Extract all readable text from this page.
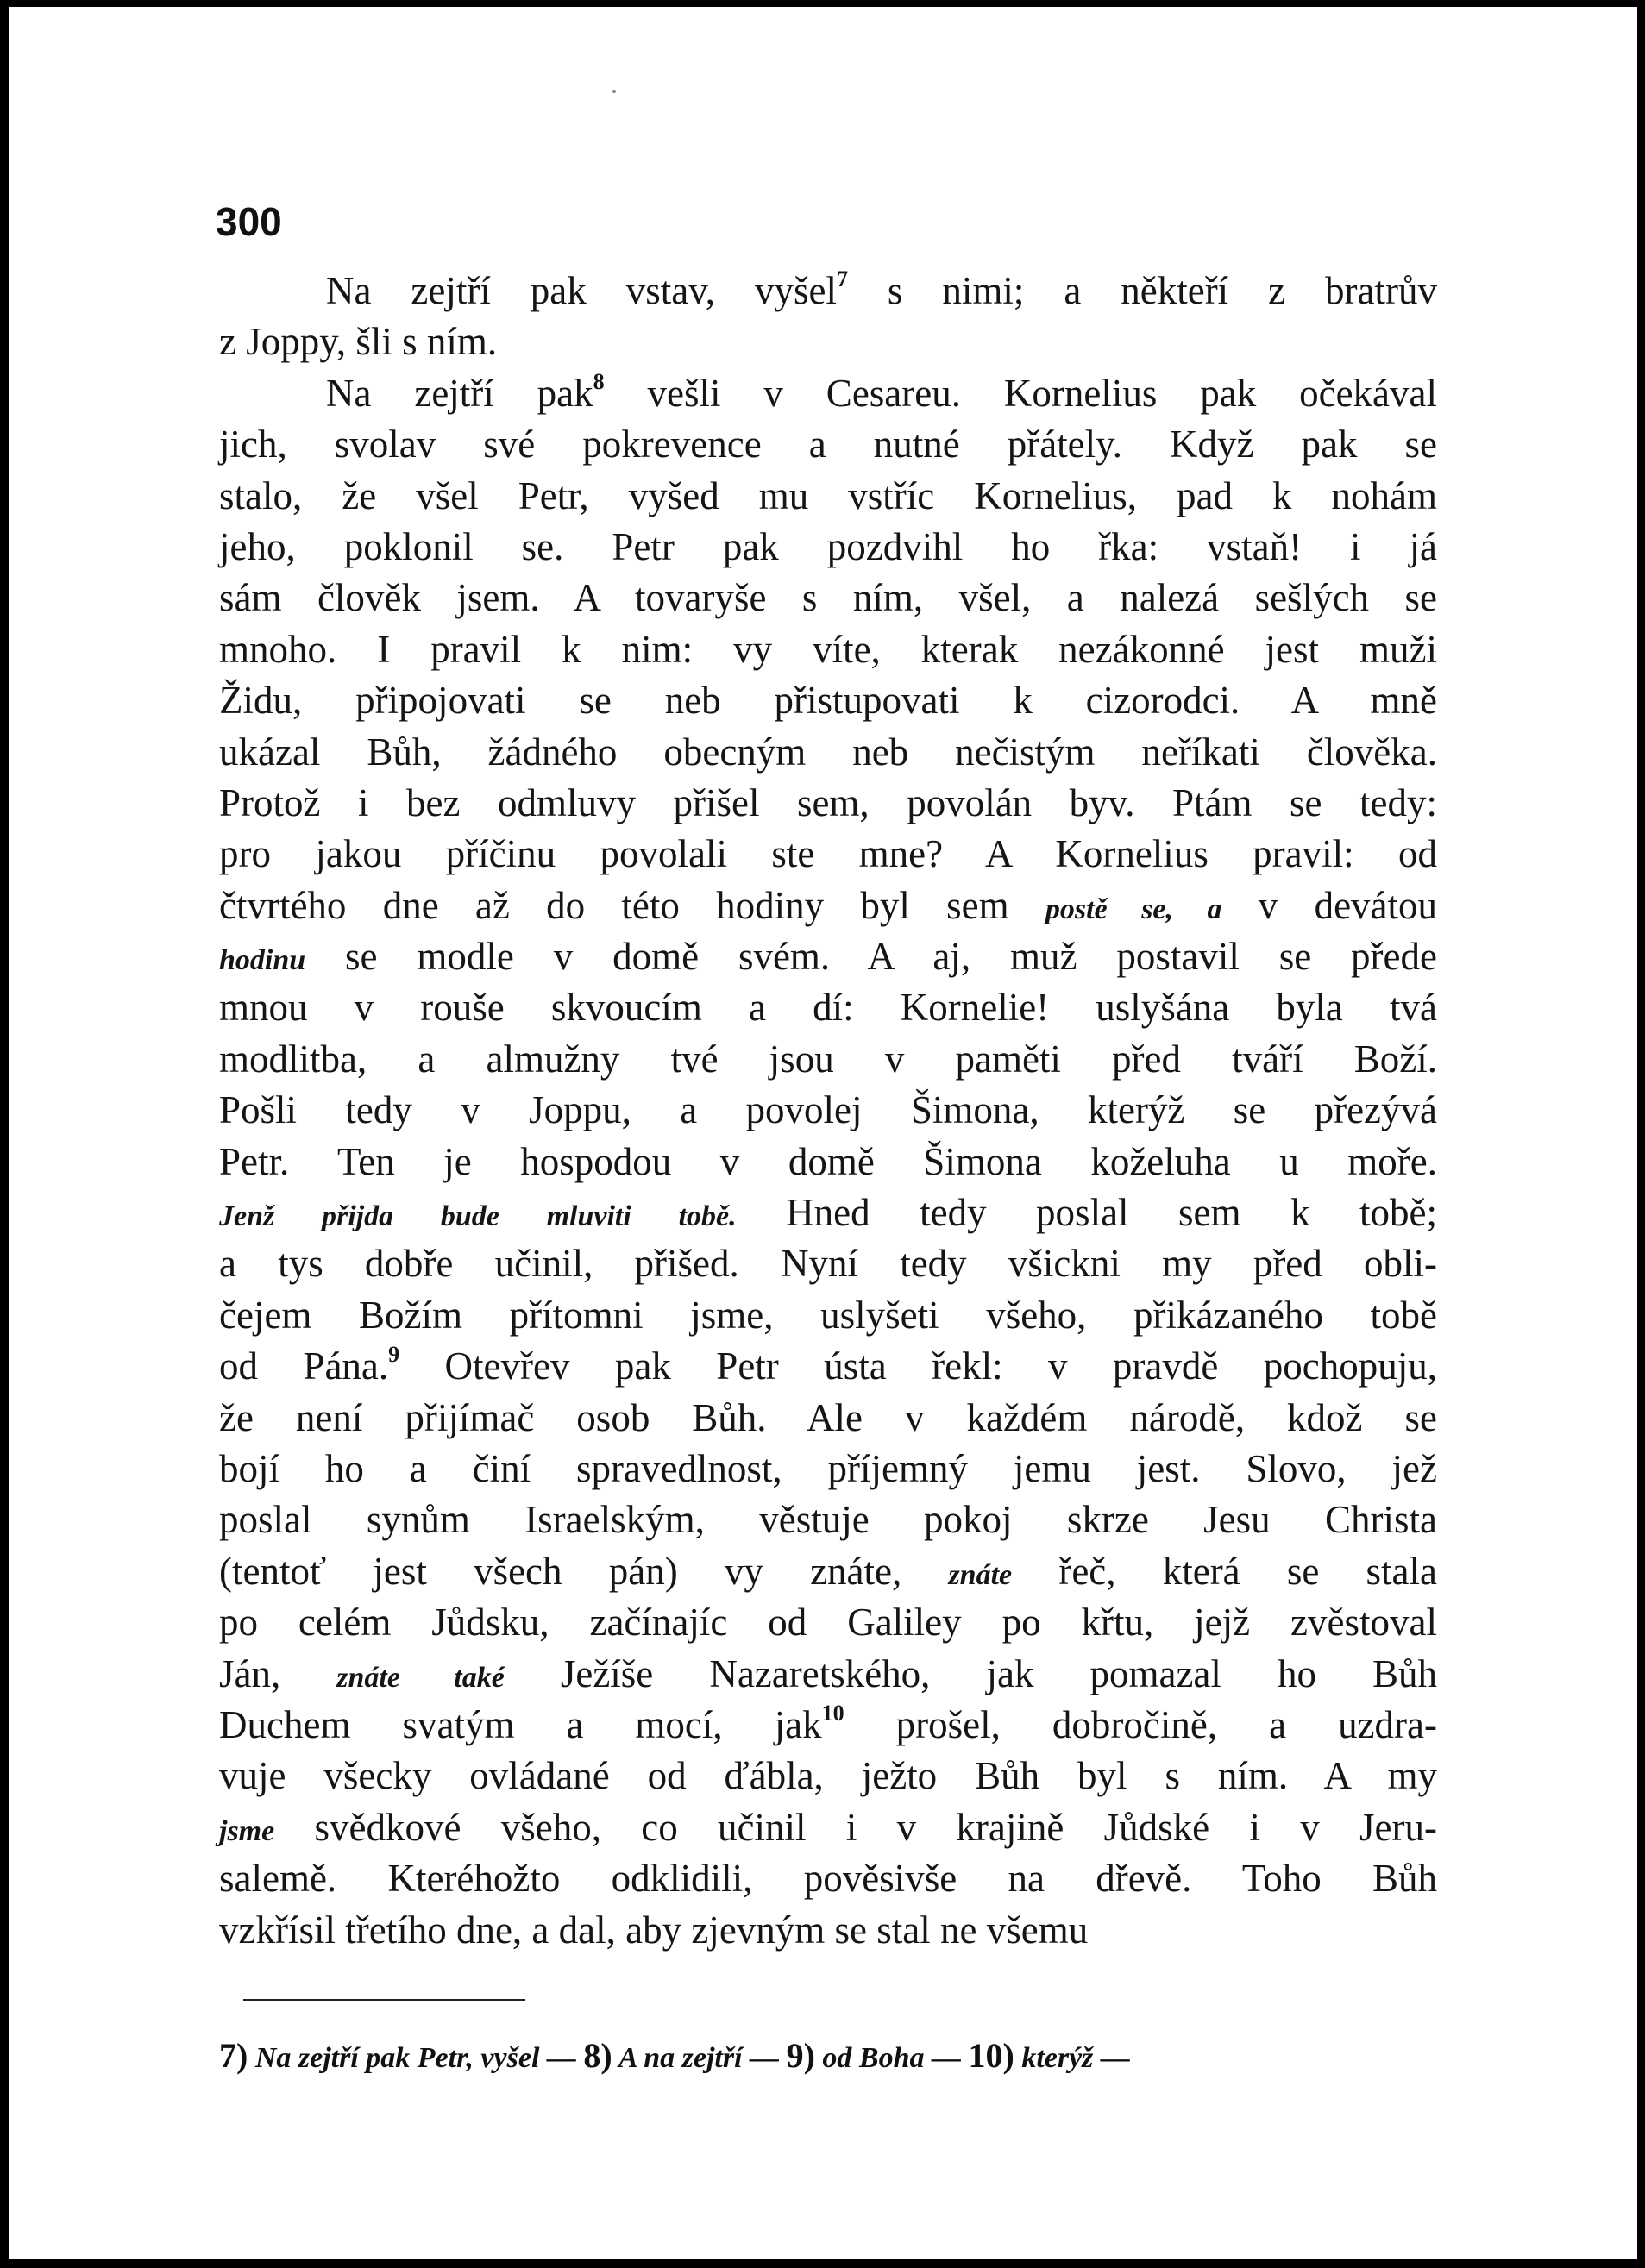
300
Na zejtří pak vstav, vyšel$^7$ s nimi; a někteří z bratrův
z Joppy, šli s ním.
Na zejtří pak$^8$ vešli v Cesareu. Kornelius pak očekával
jich, svolav své pokrevence a nutné přátely. Když pak se
stalo, že všel Petr, vyšed mu vstříc Kornelius, pad k nohám
jeho, poklonil se. Petr pak pozdvihl ho řka: vstaň! i já
sám člověk jsem. A tovaryše s ním, všel, a nalezá sešlých se
mnoho. I pravil k nim: vy víte, kterak nezákonné jest muži
Židu, připojovati se neb přistupovati k cizorodci. A mně
ukázal Bůh, žádného obecným neb nečistým neříkati člověka.
Protož i bez odmluvy přišel sem, povolán byv. Ptám se tedy:
pro jakou příčinu povolali ste mne? A Kornelius pravil: od
čtvrtého dne až do této hodiny byl sem postě se, a v devátou
hodinu se modle v domě svém. A aj, muž postavil se přede
mnou v rouše skvoucím a dí: Kornelie! uslyšána byla tvá
modlitba, a almužny tvé jsou v paměti před tváří Boží.
Pošli tedy v Joppu, a povolej Šimona, kterýž se přezývá
Petr. Ten je hospodou v domě Šimona koželuha u moře.
Jenž přijda bude mluviti tobě. Hned tedy poslal sem k tobě;
a tys dobře učinil, přišed. Nyní tedy všickni my před obli-
čejem Božím přítomni jsme, uslyšeti všeho, přikázaného tobě
od Pána.$^9$ Otevřev pak Petr ústa řekl: v pravdě pochopuju,
že není přijímač osob Bůh. Ale v každém národě, kdož se
bojí ho a činí spravedlnost, příjemný jemu jest. Slovo, jež
poslal synům Israelským, věstuje pokoj skrze Jesu Christa
(tentoť jest všech pán) vy znáte, znáte řeč, která se stala
po celém Jůdsku, začínajíc od Galiley po křtu, jejž zvěstoval
Ján, znáte také Ježíše Nazaretského, jak pomazal ho Bůh
Duchem svatým a mocí, jak$^{10}$ prošel, dobročině, a uzdra-
vuje všecky ovládané od ďábla, ježto Bůh byl s ním. A my
jsme svědkové všeho, co učinil i v krajině Jůdské i v Jeru-
salemě. Kteréhožto odklidili, pověsivše na dřevě. Toho Bůh
vzkřísil třetího dne, a dal, aby zjevným se stal ne všemu
7) Na zejtří pak Petr, vyšel — 8) A na zejtří — 9) od Boha — 10) kterýž —
